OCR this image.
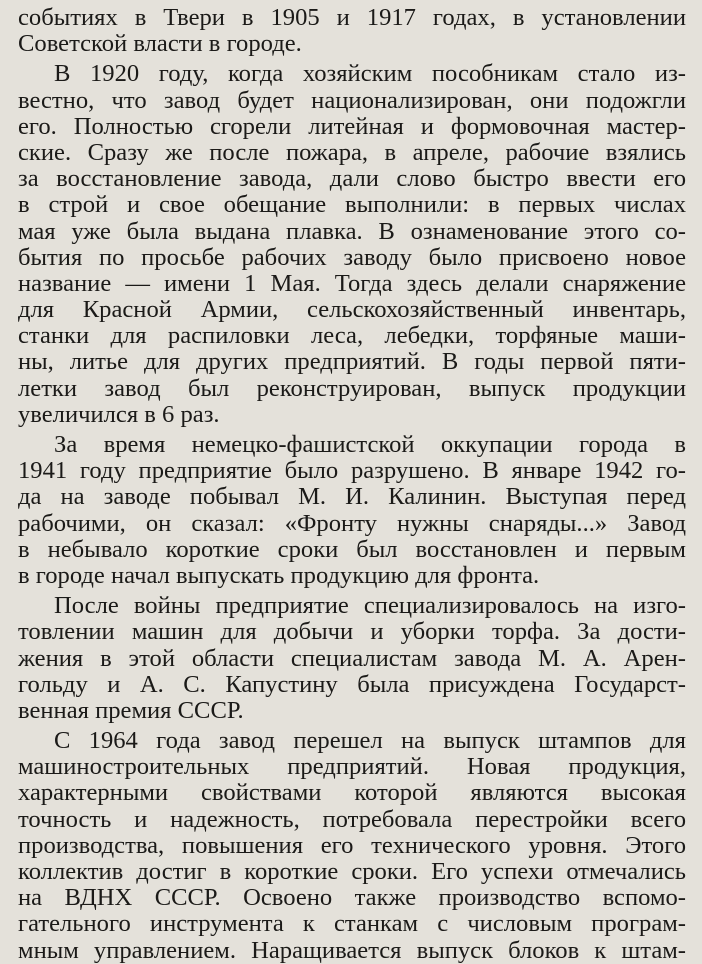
событиях в Твери в 1905 и 1917 годах, в установлении
Советской власти в городе.
В 1920 году, когда хозяйским пособникам стало из-
вестно, что завод будет национализирован, они подожгли
его. Полностью сгорели литейная и формовочная мастер-
ские. Сразу же после пожара, в апреле, рабочие взялись
за восстановление завода, дали слово быстро ввести его
в строй и свое обещание выполнили: в первых числах
мая уже была выдана плавка. В ознаменование этого со-
бытия по просьбе рабочих заводу было присвоено новое
название — имени 1 Мая. Тогда здесь делали снаряжение
для Красной Армии, сельскохозяйственный инвентарь,
станки для распиловки леса, лебедки, торфяные маши-
ны, литье для других предприятий. В годы первой пяти-
летки завод был реконструирован, выпуск продукции
увеличился в 6 раз.
За время немецко-фашистской оккупации города в
1941 году предприятие было разрушено. В январе 1942 го-
да на заводе побывал М. И. Калинин. Выступая перед
рабочими, он сказал: «Фронту нужны снаряды...» Завод
в небывало короткие сроки был восстановлен и первым
в городе начал выпускать продукцию для фронта.
После войны предприятие специализировалось на изго-
товлении машин для добычи и уборки торфа. За дости-
жения в этой области специалистам завода М. А. Арен-
гольду и А. С. Капустину была присуждена Государст-
венная премия СССР.
С 1964 года завод перешел на выпуск штампов для
машиностроительных предприятий. Новая продукция,
характерными свойствами которой являются высокая
точность и надежность, потребовала перестройки всего
производства, повышения его технического уровня. Этого
коллектив достиг в короткие сроки. Его успехи отмечались
на ВДНХ СССР. Освоено также производство вспомо-
гательного инструмента к станкам с числовым програм-
мным управлением. Наращивается выпуск блоков к штам-
